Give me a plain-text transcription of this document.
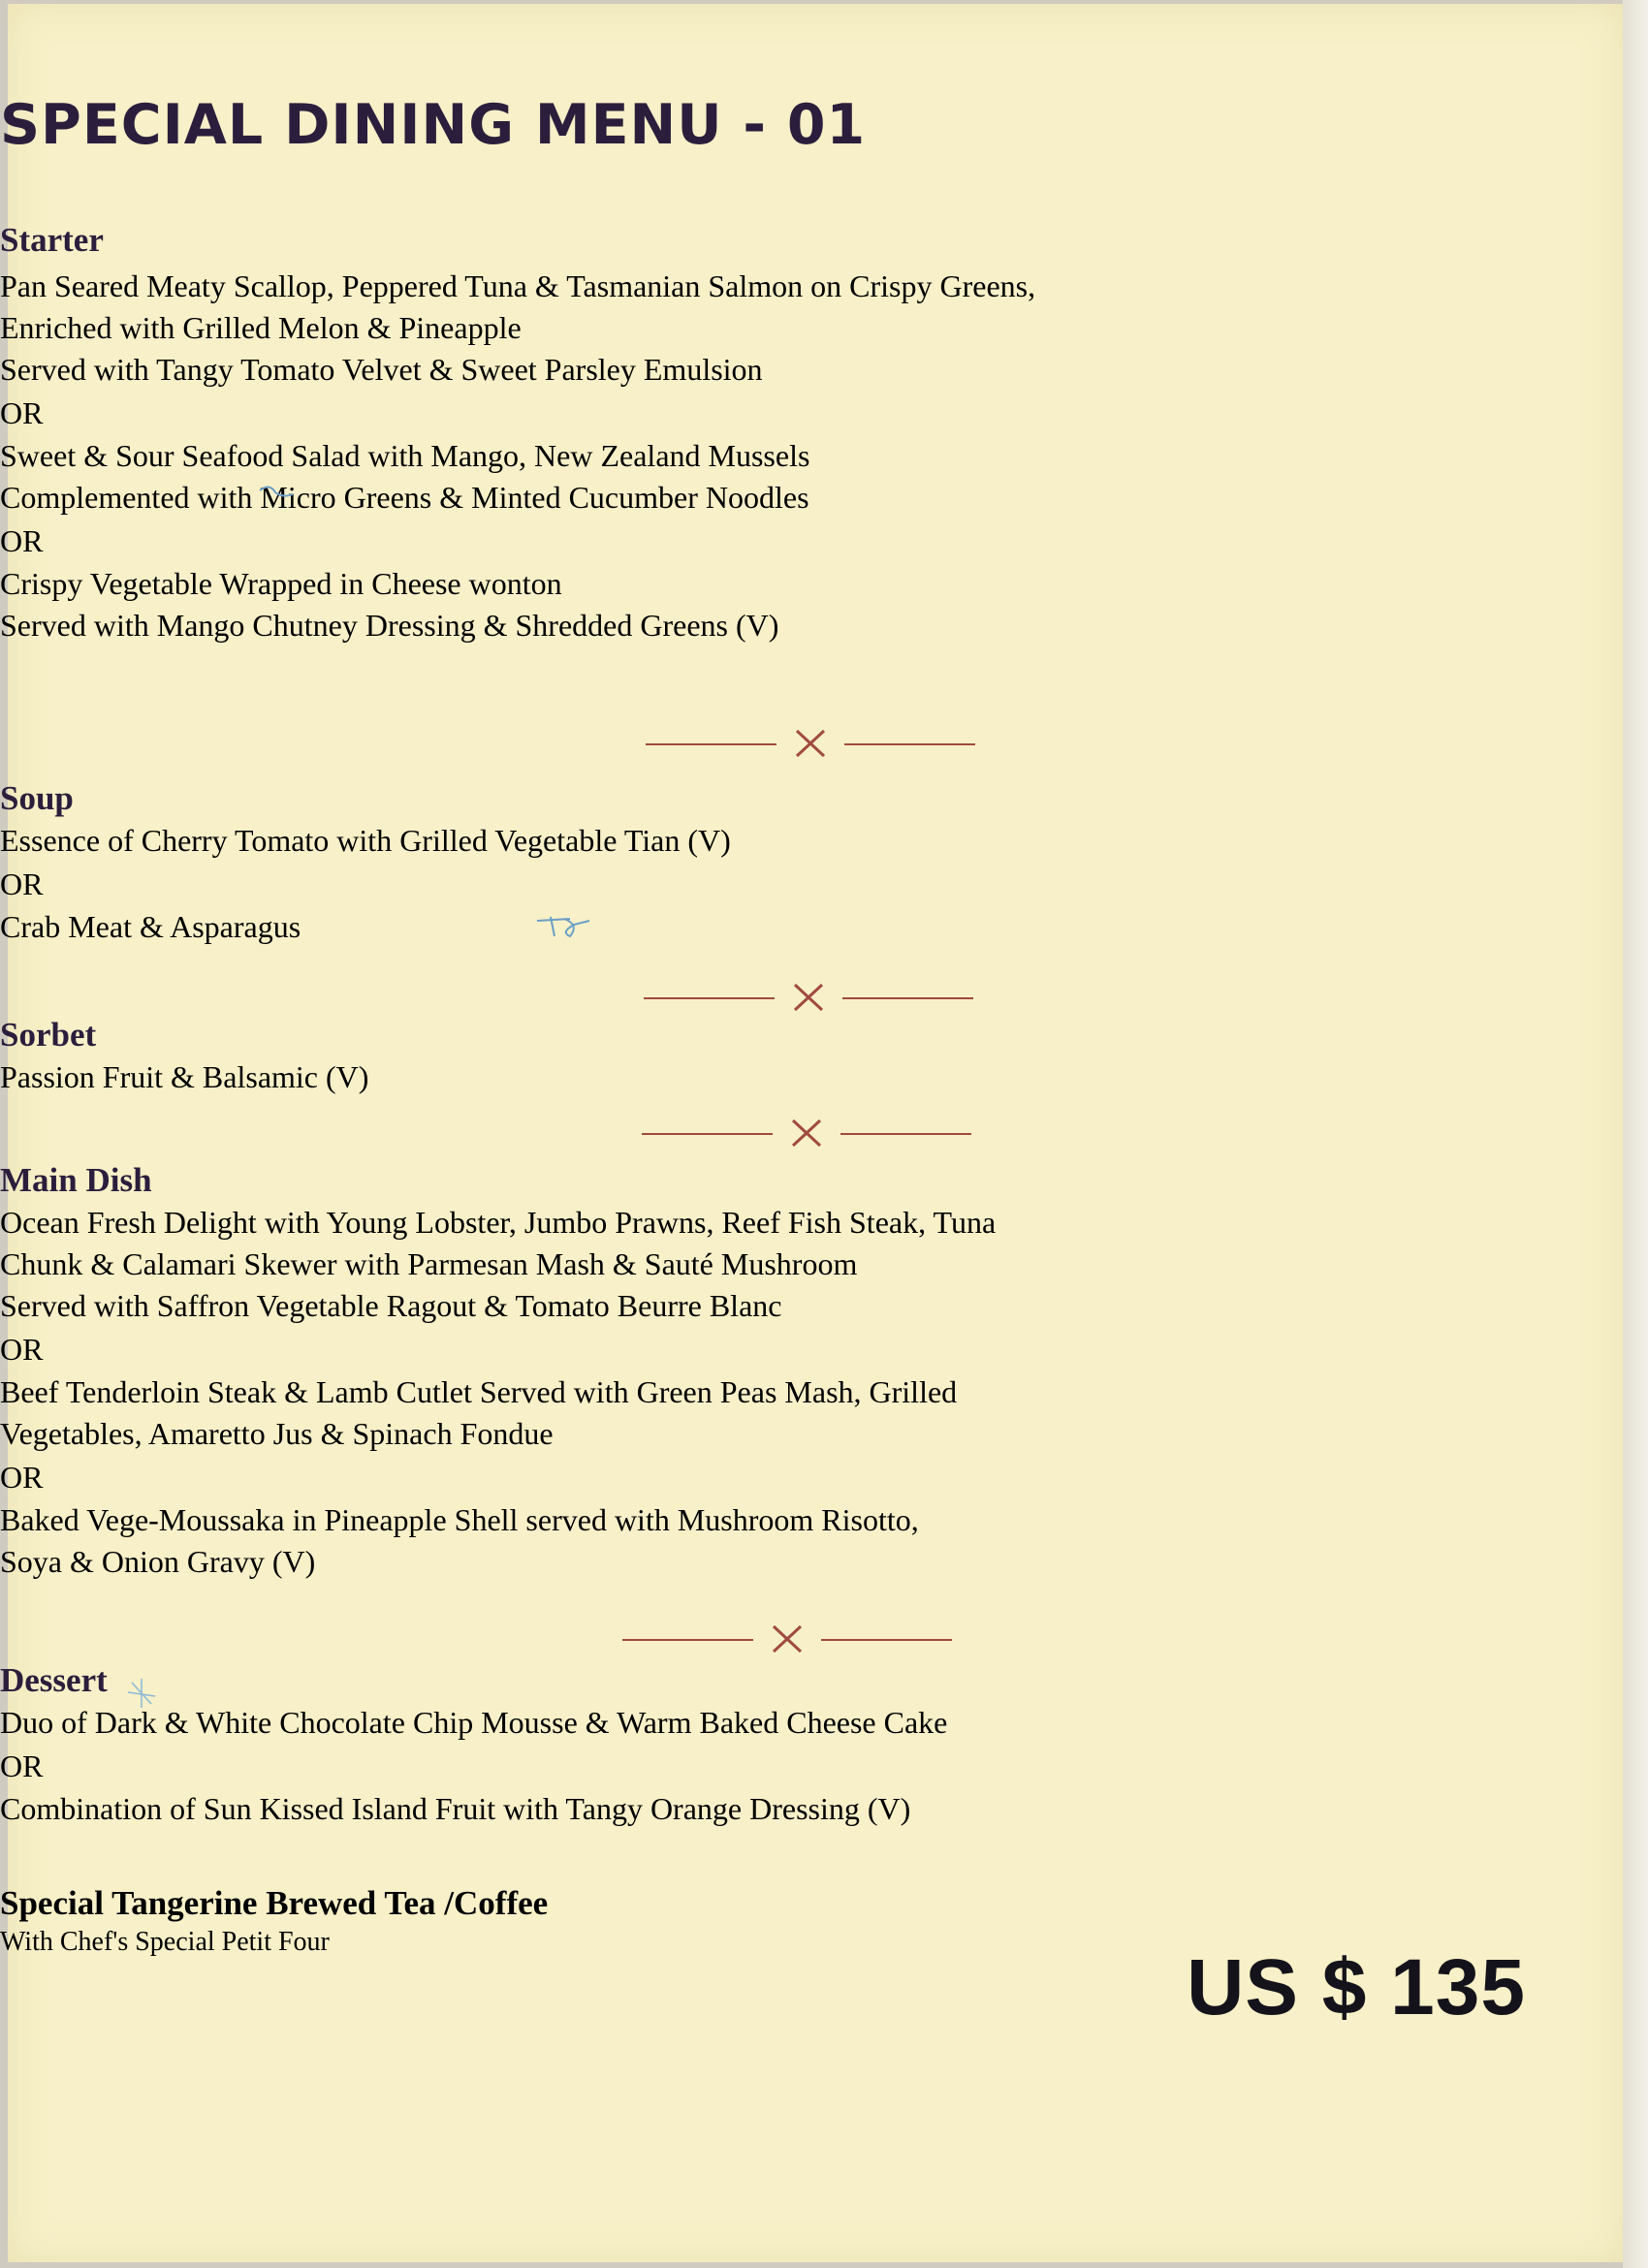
SPECIAL DINING MENU - 01
Starter
Pan Seared Meaty Scallop, Peppered Tuna & Tasmanian Salmon on Crispy Greens,
Enriched with Grilled Melon & Pineapple
Served with Tangy Tomato Velvet & Sweet Parsley Emulsion
OR
Sweet & Sour Seafood Salad with Mango, New Zealand Mussels
Complemented with Micro Greens & Minted Cucumber Noodles
OR
Crispy Vegetable Wrapped in Cheese wonton
Served with Mango Chutney Dressing & Shredded Greens (V)
Soup
Essence of Cherry Tomato with Grilled Vegetable Tian (V)
OR
Crab Meat & Asparagus
Sorbet
Passion Fruit & Balsamic (V)
Main Dish
Ocean Fresh Delight with Young Lobster, Jumbo Prawns, Reef Fish Steak, Tuna
Chunk & Calamari Skewer with Parmesan Mash & Sauté Mushroom
Served with Saffron Vegetable Ragout & Tomato Beurre Blanc
OR
Beef Tenderloin Steak & Lamb Cutlet Served with Green Peas Mash, Grilled
Vegetables, Amaretto Jus & Spinach Fondue
OR
Baked Vege-Moussaka in Pineapple Shell served with Mushroom Risotto,
Soya & Onion Gravy (V)
Dessert
Duo of Dark & White Chocolate Chip Mousse & Warm Baked Cheese Cake
OR
Combination of Sun Kissed Island Fruit with Tangy Orange Dressing (V)
Special Tangerine Brewed Tea /Coffee
With Chef's Special Petit Four
US $ 135
